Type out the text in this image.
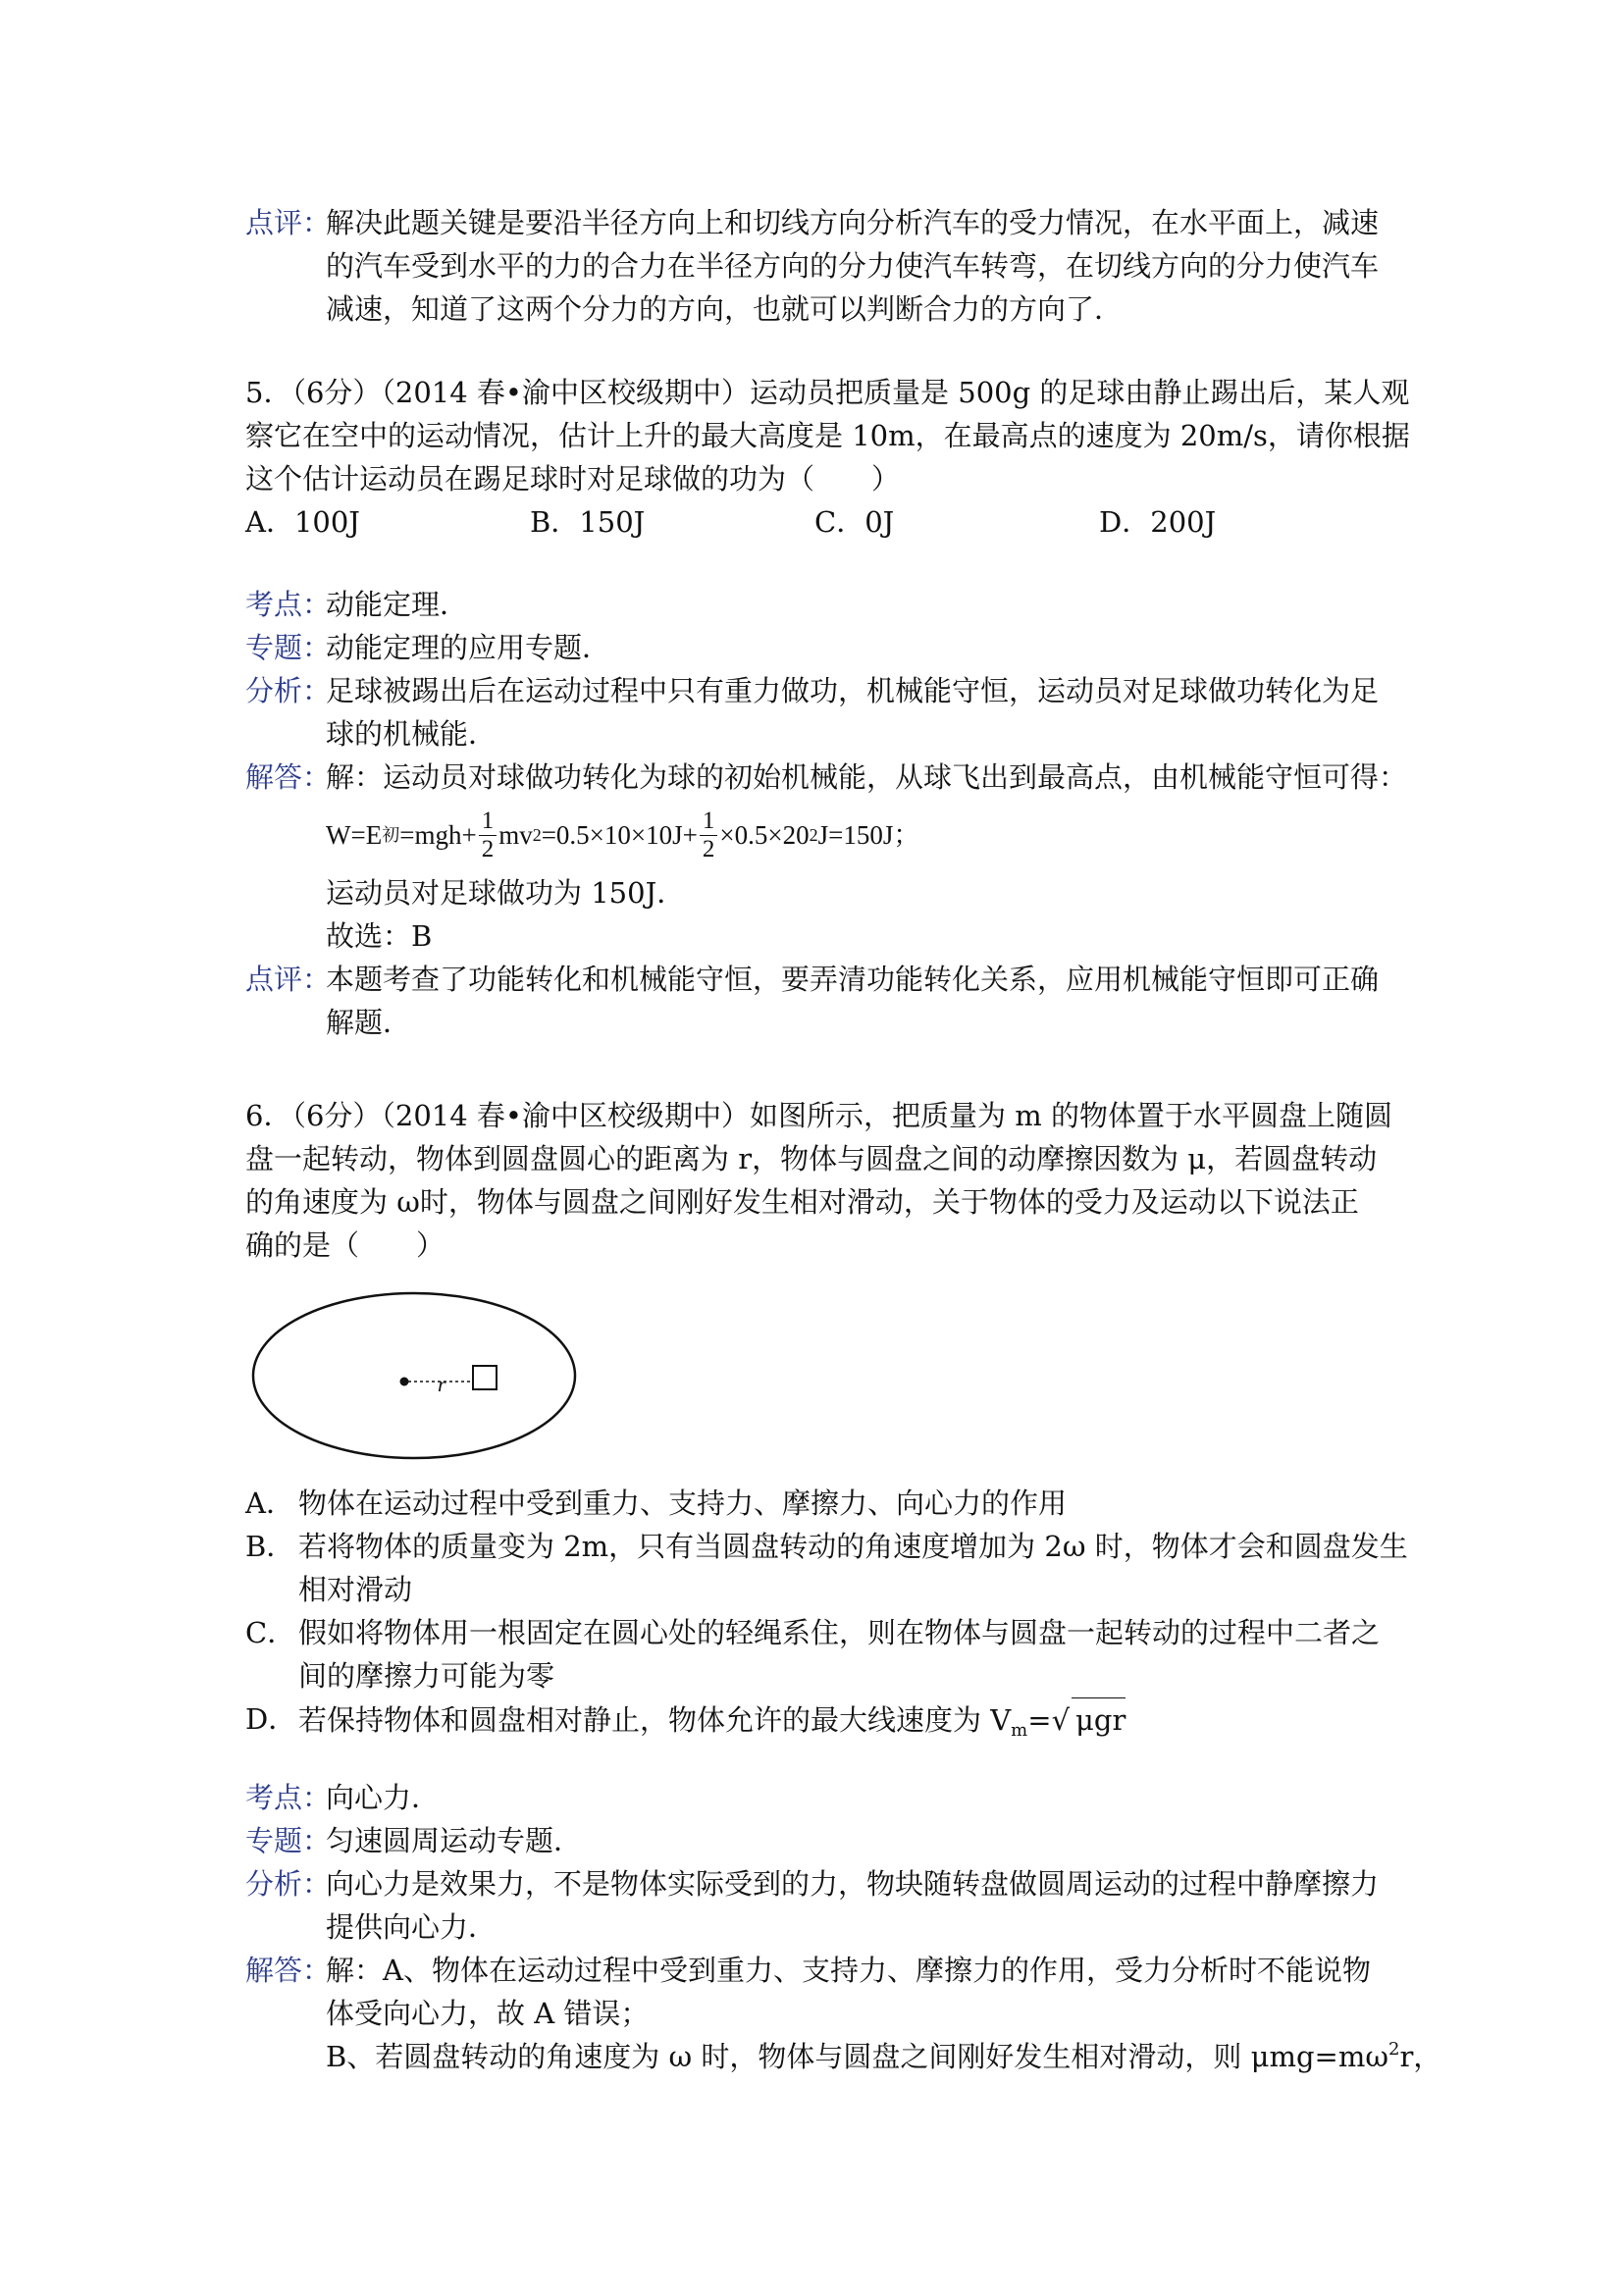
点评：
解决此题关键是要沿半径方向上和切线方向分析汽车的受力情况，在水平面上，减速
的汽车受到水平的力的合力在半径方向的分力使汽车转弯，在切线方向的分力使汽车
减速，知道了这两个分力的方向，也就可以判断合力的方向了．
5．（6分）（2014 春•渝中区校级期中）运动员把质量是 500g 的足球由静止踢出后，某人观
察它在空中的运动情况，估计上升的最大高度是 10m，在最高点的速度为 20m/s，请你根据
这个估计运动员在踢足球时对足球做的功为（　　）
A．100J	B．150J	C．0J	D．200J
考点：
动能定理．
专题：
动能定理的应用专题．
分析：
足球被踢出后在运动过程中只有重力做功，机械能守恒，运动员对足球做功转化为足
球的机械能．
解答：
解：运动员对球做功转化为球的初始机械能，从球飞出到最高点，由机械能守恒可得：
W=E 初 $=mgh+ \frac{1}{2}$ mv $2 =0.5\times 10\times 10J+ \frac{1}{2} \times 0.5\times 20$ 2 J=150J；
运动员对足球做功为 150J．
故选：B
点评：
本题考查了功能转化和机械能守恒，要弄清功能转化关系，应用机械能守恒即可正确
解题．
6．（6分）（2014 春•渝中区校级期中）如图所示，把质量为 m 的物体置于水平圆盘上随圆
盘一起转动，物体到圆盘圆心的距离为 r，物体与圆盘之间的动摩擦因数为 μ，若圆盘转动
的角速度为 ω时，物体与圆盘之间刚好发生相对滑动，关于物体的受力及运动以下说法正
确的是（　　）
r
A． 物体在运动过程中受到重力、支持力、摩擦力、向心力的作用
B． 若将物体的质量变为 2m，只有当圆盘转动的角速度增加为 2ω 时，物体才会和圆盘发生
相对滑动
C． 假如将物体用一根固定在圆心处的轻绳系住，则在物体与圆盘一起转动的过程中二者之
间的摩擦力可能为零
D． 若保持物体和圆盘相对静止，物体允许的最大线速度为 $V_m=√$ μgr
考点：
向心力．
专题：
匀速圆周运动专题．
分析：
向心力是效果力，不是物体实际受到的力，物块随转盘做圆周运动的过程中静摩擦力
提供向心力．
解答：
解：A、物体在运动过程中受到重力、支持力、摩擦力的作用，受力分析时不能说物
体受向心力，故 A 错误；
B、若圆盘转动的角速度为 ω 时，物体与圆盘之间刚好发生相对滑动，则 $\mu mg=m\omega^2r$，
